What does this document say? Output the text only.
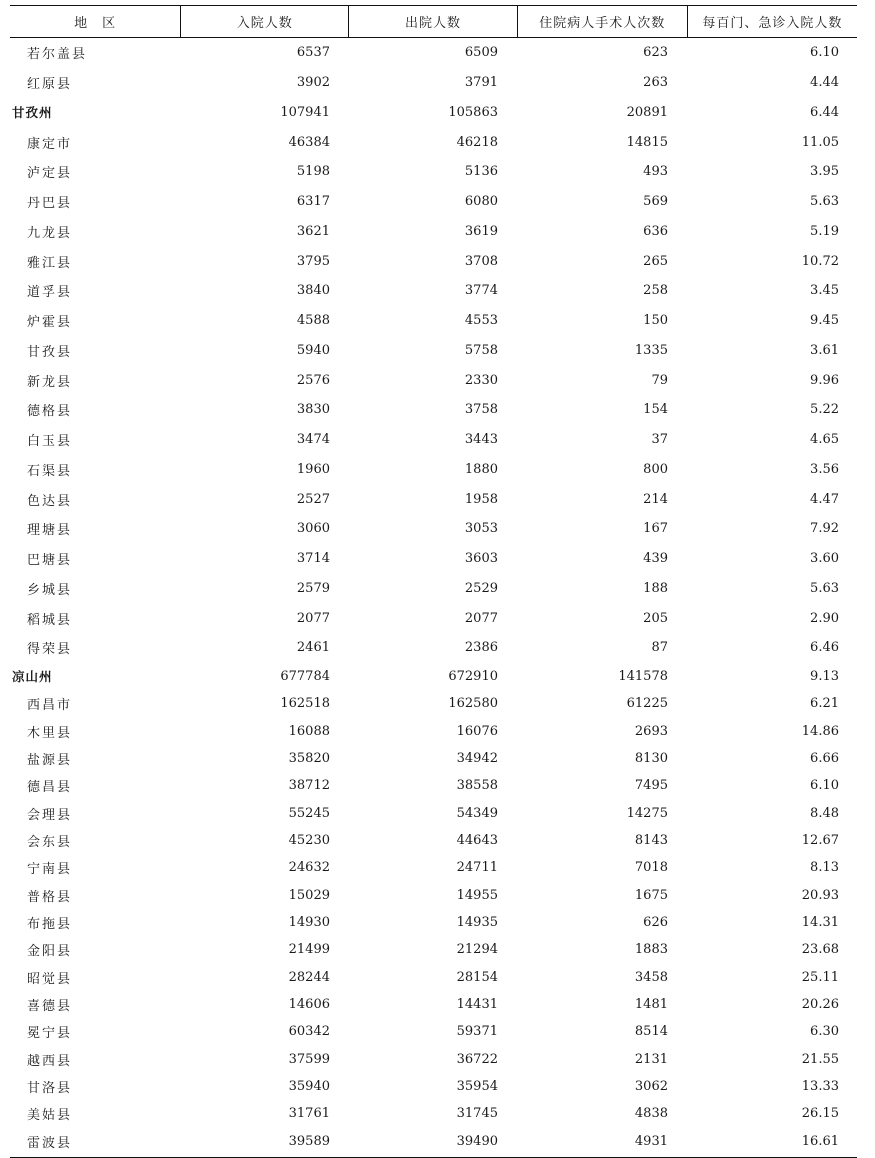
地　区	入院人数	出院人数	住院病人手术人次数	每百门、急诊入院人数
若尔盖县	6537	6509	623	6.10
红原县	3902	3791	263	4.44
甘孜州	107941	105863	20891	6.44
康定市	46384	46218	14815	11.05
泸定县	5198	5136	493	3.95
丹巴县	6317	6080	569	5.63
九龙县	3621	3619	636	5.19
雅江县	3795	3708	265	10.72
道孚县	3840	3774	258	3.45
炉霍县	4588	4553	150	9.45
甘孜县	5940	5758	1335	3.61
新龙县	2576	2330	79	9.96
德格县	3830	3758	154	5.22
白玉县	3474	3443	37	4.65
石渠县	1960	1880	800	3.56
色达县	2527	1958	214	4.47
理塘县	3060	3053	167	7.92
巴塘县	3714	3603	439	3.60
乡城县	2579	2529	188	5.63
稻城县	2077	2077	205	2.90
得荣县	2461	2386	87	6.46
凉山州	677784	672910	141578	9.13
西昌市	162518	162580	61225	6.21
木里县	16088	16076	2693	14.86
盐源县	35820	34942	8130	6.66
德昌县	38712	38558	7495	6.10
会理县	55245	54349	14275	8.48
会东县	45230	44643	8143	12.67
宁南县	24632	24711	7018	8.13
普格县	15029	14955	1675	20.93
布拖县	14930	14935	626	14.31
金阳县	21499	21294	1883	23.68
昭觉县	28244	28154	3458	25.11
喜德县	14606	14431	1481	20.26
冕宁县	60342	59371	8514	6.30
越西县	37599	36722	2131	21.55
甘洛县	35940	35954	3062	13.33
美姑县	31761	31745	4838	26.15
雷波县	39589	39490	4931	16.61
